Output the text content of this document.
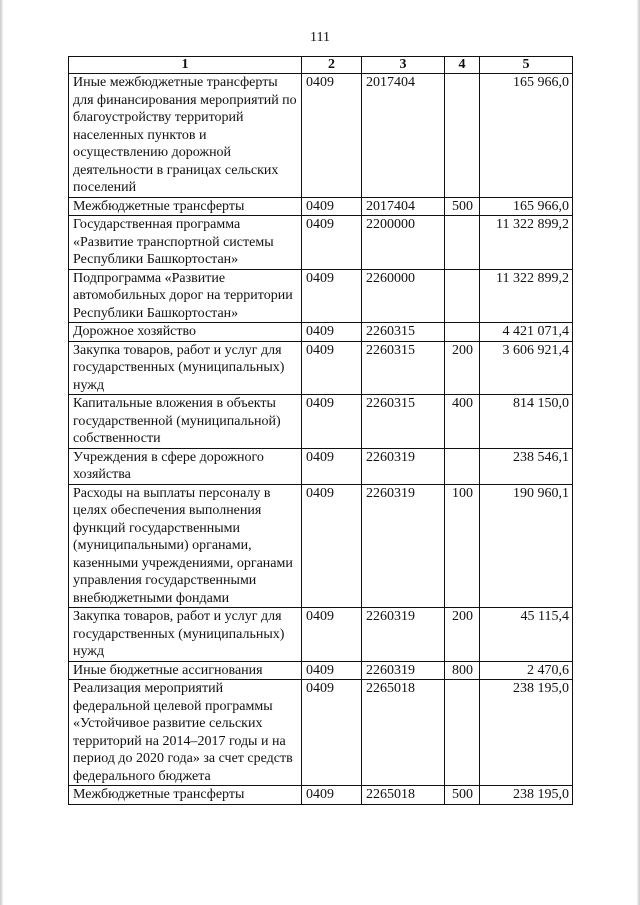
111
1	2	3	4	5
Иные межбюджетные трансферты для финансирования мероприятий по благоустройству территорий населенных пунктов и осуществлению дорожной деятельности в границах сельских поселений	0409	2017404		165 966,0
Межбюджетные трансферты	0409	2017404	500	165 966,0
Государственная программа «Развитие транспортной системы Республики Башкортостан»	0409	2200000		11 322 899,2
Подпрограмма «Развитие автомобильных дорог на территории Республики Башкортостан»	0409	2260000		11 322 899,2
Дорожное хозяйство	0409	2260315		4 421 071,4
Закупка товаров, работ и услуг для государственных (муниципальных) нужд	0409	2260315	200	3 606 921,4
Капитальные вложения в объекты государственной (муниципальной) собственности	0409	2260315	400	814 150,0
Учреждения в сфере дорожного хозяйства	0409	2260319		238 546,1
Расходы на выплаты персоналу в целях обеспечения выполнения функций государственными (муниципальными) органами, казенными учреждениями, органами управления государственными внебюджетными фондами	0409	2260319	100	190 960,1
Закупка товаров, работ и услуг для государственных (муниципальных) нужд	0409	2260319	200	45 115,4
Иные бюджетные ассигнования	0409	2260319	800	2 470,6
Реализация мероприятий федеральной целевой программы «Устойчивое развитие сельских территорий на 2014–2017 годы и на период до 2020 года» за счет средств федерального бюджета	0409	2265018		238 195,0
Межбюджетные трансферты	0409	2265018	500	238 195,0
